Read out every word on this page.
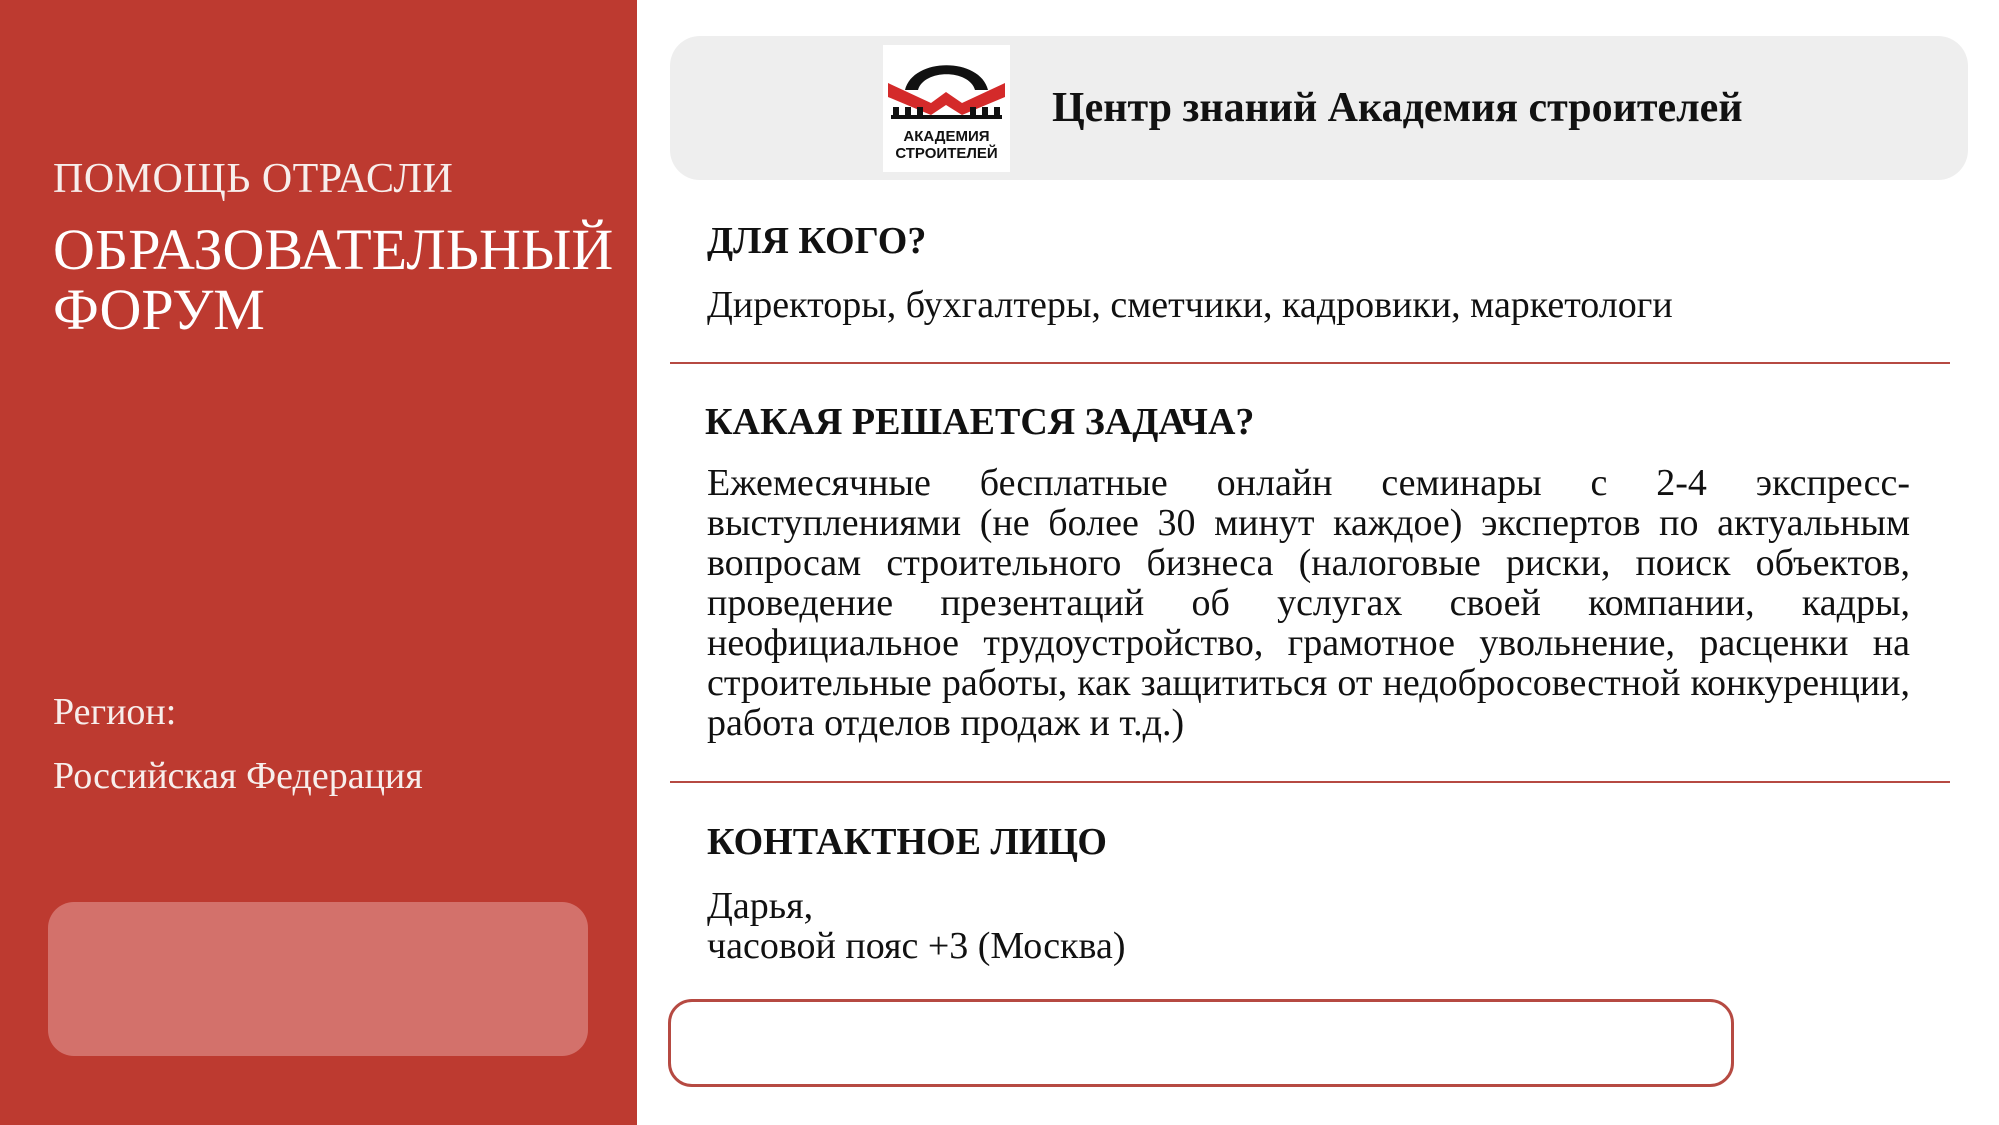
ПОМОЩЬ ОТРАСЛИ
ОБРАЗОВАТЕЛЬНЫЙ ФОРУМ
Регион:
Российская Федерация
АКАДЕМИЯ
СТРОИТЕЛЕЙ
Центр знаний Академия строителей
ДЛЯ КОГО?
Директоры, бухгалтеры, сметчики, кадровики, маркетологи
КАКАЯ РЕШАЕТСЯ ЗАДАЧА?
Ежемесячные бесплатные онлайн семинары с 2-4 экспресс-выступлениями (не более 30 минут каждое) экспертов по актуальным вопросам строительного бизнеса (налоговые риски, поиск объектов, проведение презентаций об услугах своей компании, кадры, неофициальное трудоустройство, грамотное увольнение, расценки на строительные работы, как защититься от недобросовестной конкуренции, работа отделов продаж и т.д.)
КОНТАКТНОЕ ЛИЦО
Дарья,
часовой пояс +3 (Москва)
